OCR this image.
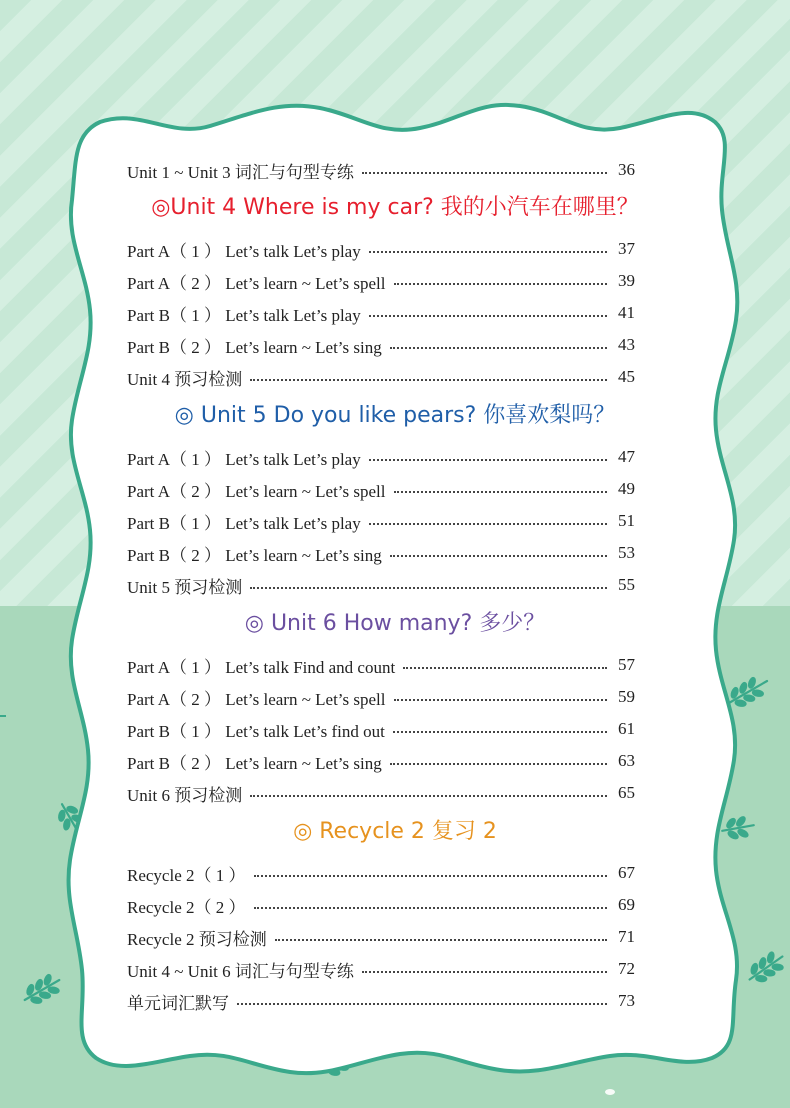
Unit 1 ~ Unit 3 词汇与句型专练	36
◎Unit 4 Where is my car? 我的小汽车在哪里？
Part A（ 1 ） Let’s talk Let’s play	37
Part A（ 2 ） Let’s learn ~ Let’s spell	39
Part B（ 1 ） Let’s talk Let’s play	41
Part B（ 2 ） Let’s learn ~ Let’s sing	43
Unit 4 预习检测	45
◎ Unit 5 Do you like pears? 你喜欢梨吗？
Part A（ 1 ） Let’s talk Let’s play	47
Part A（ 2 ） Let’s learn ~ Let’s spell	49
Part B（ 1 ） Let’s talk Let’s play	51
Part B（ 2 ） Let’s learn ~ Let’s sing	53
Unit 5 预习检测	55
◎ Unit 6 How many? 多少？
Part A（ 1 ） Let’s talk Find and count	57
Part A（ 2 ） Let’s learn ~ Let’s spell	59
Part B（ 1 ） Let’s talk Let’s find out	61
Part B（ 2 ） Let’s learn ~ Let’s sing	63
Unit 6 预习检测	65
◎ Recycle 2 复习 2
Recycle 2（ 1 ）	67
Recycle 2（ 2 ）	69
Recycle 2 预习检测	71
Unit 4 ~ Unit 6 词汇与句型专练	72
单元词汇默写	73
